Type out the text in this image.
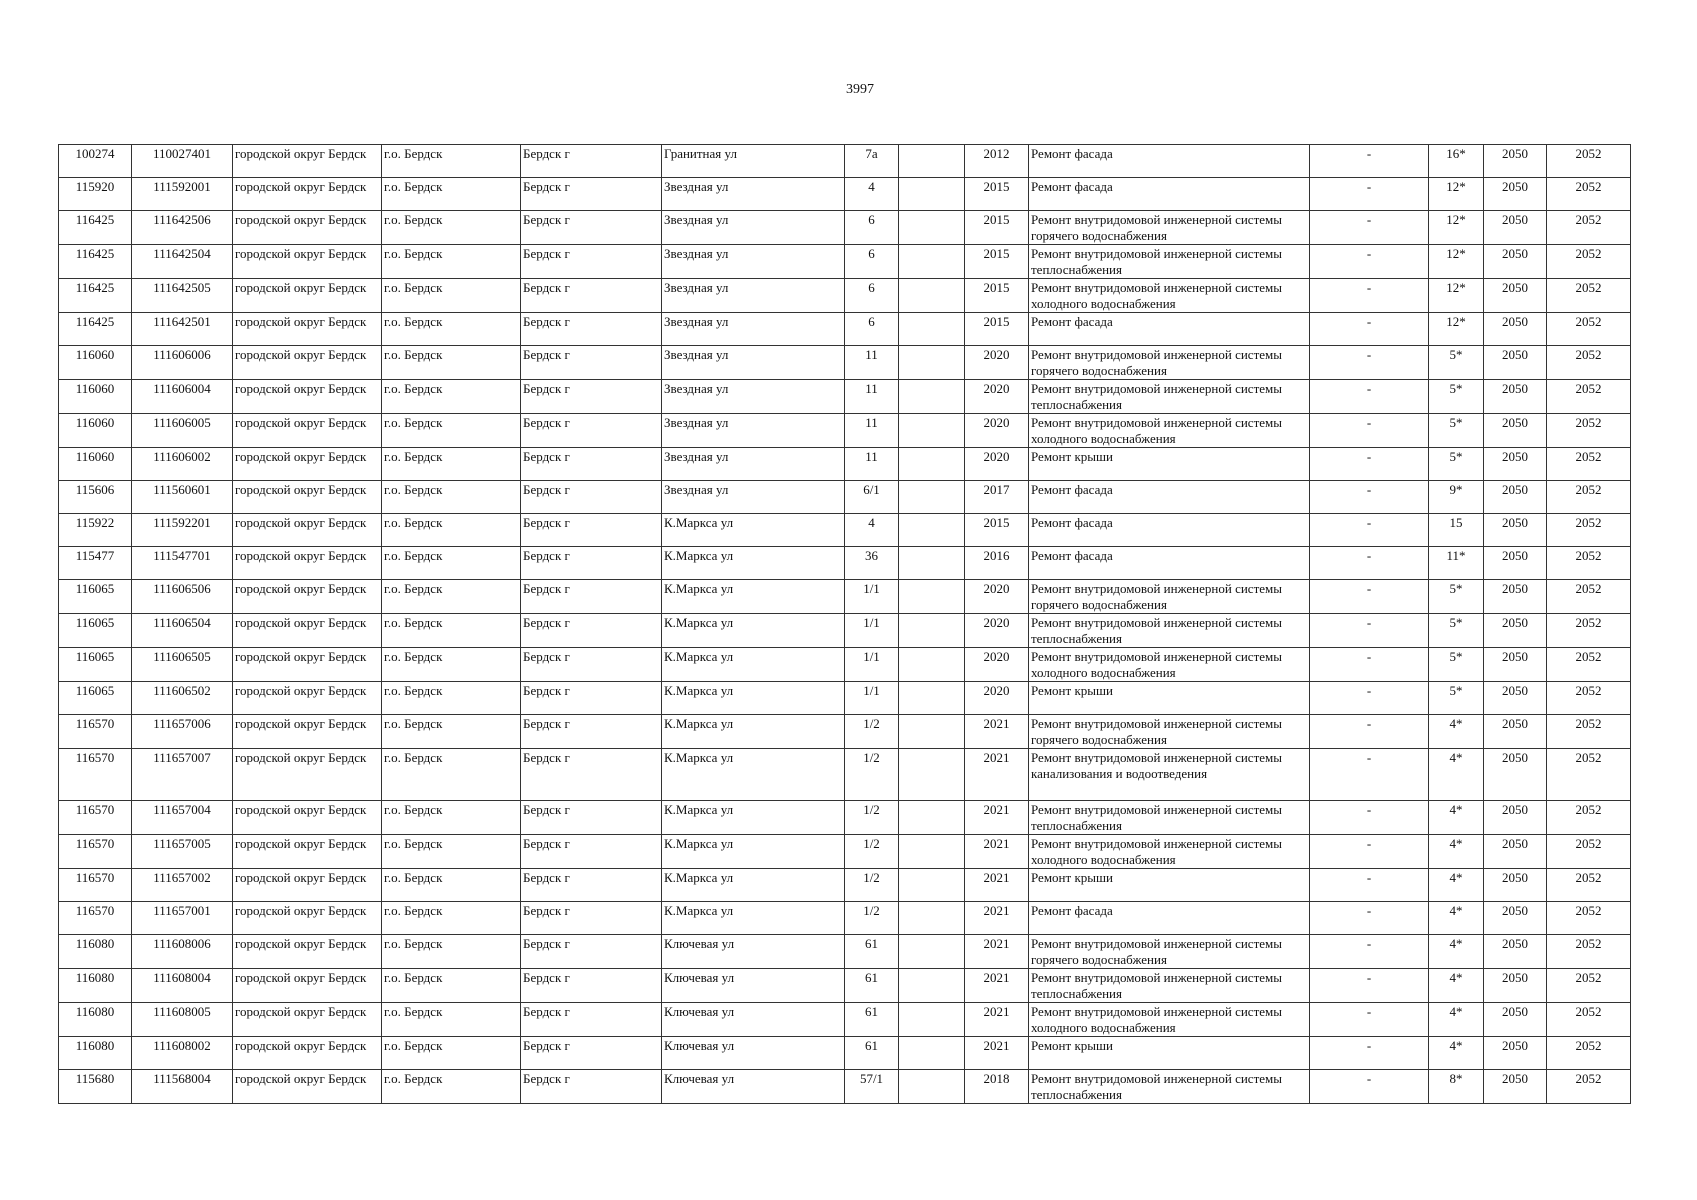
3997
100274	110027401	городской округ Бердск	г.о. Бердск	Бердск г	Гранитная ул	7а		2012	Ремонт фасада	-	16*	2050	2052
115920	111592001	городской округ Бердск	г.о. Бердск	Бердск г	Звездная ул	4		2015	Ремонт фасада	-	12*	2050	2052
116425	111642506	городской округ Бердск	г.о. Бердск	Бердск г	Звездная ул	6		2015	Ремонт внутридомовой инженерной системы горячего водоснабжения	-	12*	2050	2052
116425	111642504	городской округ Бердск	г.о. Бердск	Бердск г	Звездная ул	6		2015	Ремонт внутридомовой инженерной системы теплоснабжения	-	12*	2050	2052
116425	111642505	городской округ Бердск	г.о. Бердск	Бердск г	Звездная ул	6		2015	Ремонт внутридомовой инженерной системы холодного водоснабжения	-	12*	2050	2052
116425	111642501	городской округ Бердск	г.о. Бердск	Бердск г	Звездная ул	6		2015	Ремонт фасада	-	12*	2050	2052
116060	111606006	городской округ Бердск	г.о. Бердск	Бердск г	Звездная ул	11		2020	Ремонт внутридомовой инженерной системы горячего водоснабжения	-	5*	2050	2052
116060	111606004	городской округ Бердск	г.о. Бердск	Бердск г	Звездная ул	11		2020	Ремонт внутридомовой инженерной системы теплоснабжения	-	5*	2050	2052
116060	111606005	городской округ Бердск	г.о. Бердск	Бердск г	Звездная ул	11		2020	Ремонт внутридомовой инженерной системы холодного водоснабжения	-	5*	2050	2052
116060	111606002	городской округ Бердск	г.о. Бердск	Бердск г	Звездная ул	11		2020	Ремонт крыши	-	5*	2050	2052
115606	111560601	городской округ Бердск	г.о. Бердск	Бердск г	Звездная ул	6/1		2017	Ремонт фасада	-	9*	2050	2052
115922	111592201	городской округ Бердск	г.о. Бердск	Бердск г	К.Маркса ул	4		2015	Ремонт фасада	-	15	2050	2052
115477	111547701	городской округ Бердск	г.о. Бердск	Бердск г	К.Маркса ул	36		2016	Ремонт фасада	-	11*	2050	2052
116065	111606506	городской округ Бердск	г.о. Бердск	Бердск г	К.Маркса ул	1/1		2020	Ремонт внутридомовой инженерной системы горячего водоснабжения	-	5*	2050	2052
116065	111606504	городской округ Бердск	г.о. Бердск	Бердск г	К.Маркса ул	1/1		2020	Ремонт внутридомовой инженерной системы теплоснабжения	-	5*	2050	2052
116065	111606505	городской округ Бердск	г.о. Бердск	Бердск г	К.Маркса ул	1/1		2020	Ремонт внутридомовой инженерной системы холодного водоснабжения	-	5*	2050	2052
116065	111606502	городской округ Бердск	г.о. Бердск	Бердск г	К.Маркса ул	1/1		2020	Ремонт крыши	-	5*	2050	2052
116570	111657006	городской округ Бердск	г.о. Бердск	Бердск г	К.Маркса ул	1/2		2021	Ремонт внутридомовой инженерной системы горячего водоснабжения	-	4*	2050	2052
116570	111657007	городской округ Бердск	г.о. Бердск	Бердск г	К.Маркса ул	1/2		2021	Ремонт внутридомовой инженерной системы канализования и водоотведения	-	4*	2050	2052
116570	111657004	городской округ Бердск	г.о. Бердск	Бердск г	К.Маркса ул	1/2		2021	Ремонт внутридомовой инженерной системы теплоснабжения	-	4*	2050	2052
116570	111657005	городской округ Бердск	г.о. Бердск	Бердск г	К.Маркса ул	1/2		2021	Ремонт внутридомовой инженерной системы холодного водоснабжения	-	4*	2050	2052
116570	111657002	городской округ Бердск	г.о. Бердск	Бердск г	К.Маркса ул	1/2		2021	Ремонт крыши	-	4*	2050	2052
116570	111657001	городской округ Бердск	г.о. Бердск	Бердск г	К.Маркса ул	1/2		2021	Ремонт фасада	-	4*	2050	2052
116080	111608006	городской округ Бердск	г.о. Бердск	Бердск г	Ключевая ул	61		2021	Ремонт внутридомовой инженерной системы горячего водоснабжения	-	4*	2050	2052
116080	111608004	городской округ Бердск	г.о. Бердск	Бердск г	Ключевая ул	61		2021	Ремонт внутридомовой инженерной системы теплоснабжения	-	4*	2050	2052
116080	111608005	городской округ Бердск	г.о. Бердск	Бердск г	Ключевая ул	61		2021	Ремонт внутридомовой инженерной системы холодного водоснабжения	-	4*	2050	2052
116080	111608002	городской округ Бердск	г.о. Бердск	Бердск г	Ключевая ул	61		2021	Ремонт крыши	-	4*	2050	2052
115680	111568004	городской округ Бердск	г.о. Бердск	Бердск г	Ключевая ул	57/1		2018	Ремонт внутридомовой инженерной системы теплоснабжения	-	8*	2050	2052
